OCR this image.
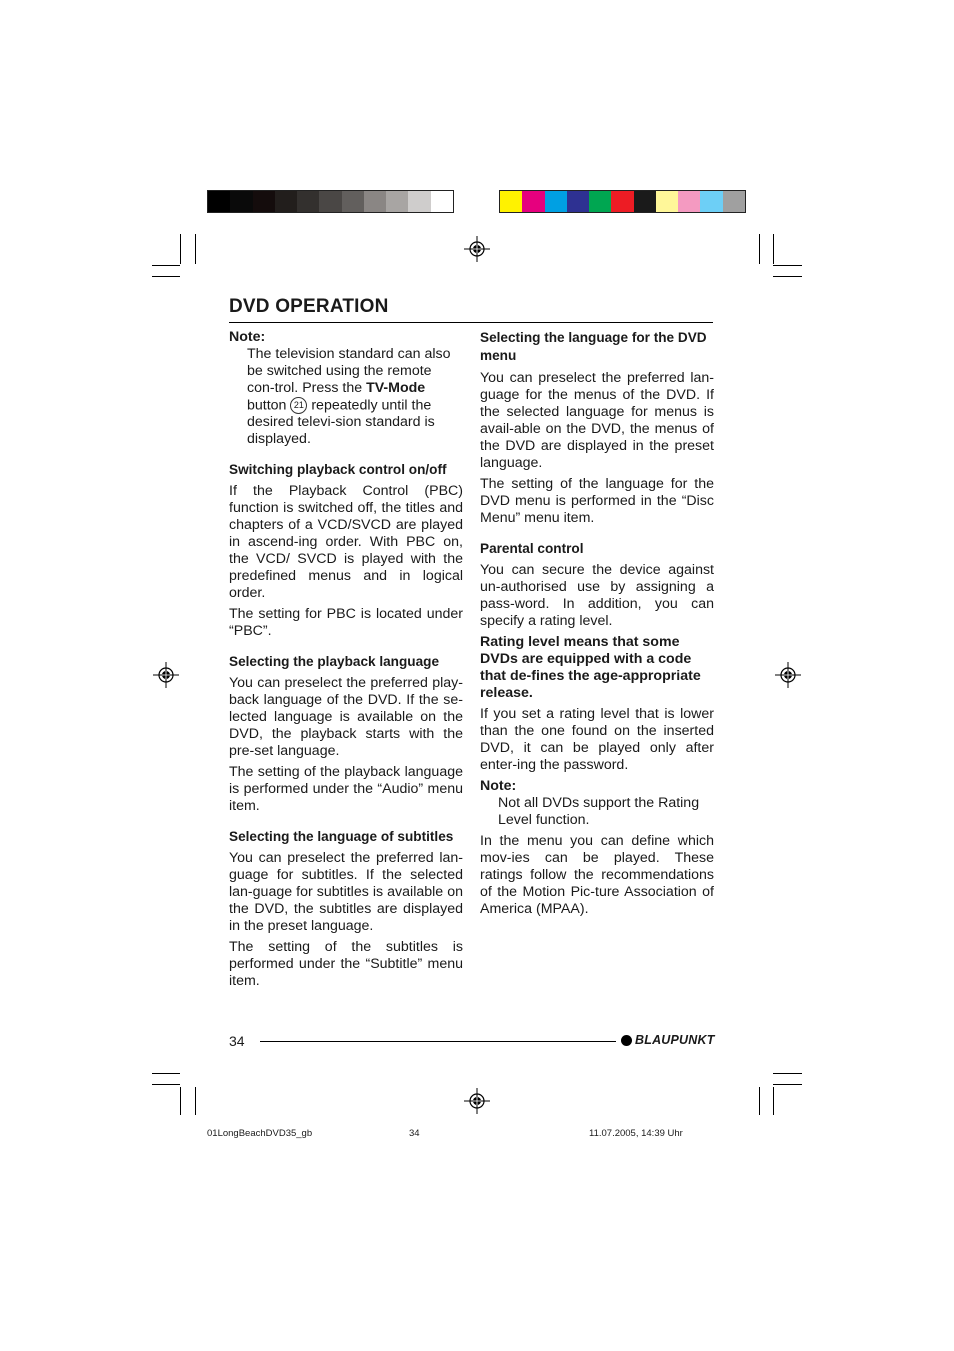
DVD OPERATION

Note:

The television standard can also be switched using the remote con-trol. Press the TV-Mode button 21 repeatedly until the desired televi-sion standard is displayed.

Switching playback control on/off

If the Playback Control (PBC) function is switched off, the titles and chapters of a VCD/SVCD are played in ascend-ing order. With PBC on, the VCD/ SVCD is played with the predefined menus and in logical order.

The setting for PBC is located under “PBC”.

Selecting the playback language

You can preselect the preferred play-back language of the DVD. If the se-lected language is available on the DVD, the playback starts with the pre-set language.

The setting of the playback language is performed under the “Audio” menu item.

Selecting the language of subtitles

You can preselect the preferred lan-guage for subtitles. If the selected lan-guage for subtitles is available on the DVD, the subtitles are displayed in the preset language.

The setting of the subtitles is performed under the “Subtitle” menu item.

Selecting the language for the DVD menu

You can preselect the preferred lan-guage for the menus of the DVD. If the selected language for menus is avail-able on the DVD, the menus of the DVD are displayed in the preset language.

The setting of the language for the DVD menu is performed in the “Disc Menu” menu item.

Parental control

You can secure the device against un-authorised use by assigning a pass-word. In addition, you can specify a rating level.

Rating level means that some DVDs are equipped with a code that de-fines the age-appropriate release.

If you set a rating level that is lower than the one found on the inserted DVD, it can be played only after enter-ing the password.

Note:

Not all DVDs support the Rating Level function.

In the menu you can define which mov-ies can be played. These ratings follow the recommendations of the Motion Pic-ture Association of America (MPAA).

34	BLAUPUNKT
01LongBeachDVD35_gb	34	11.07.2005, 14:39 Uhr
